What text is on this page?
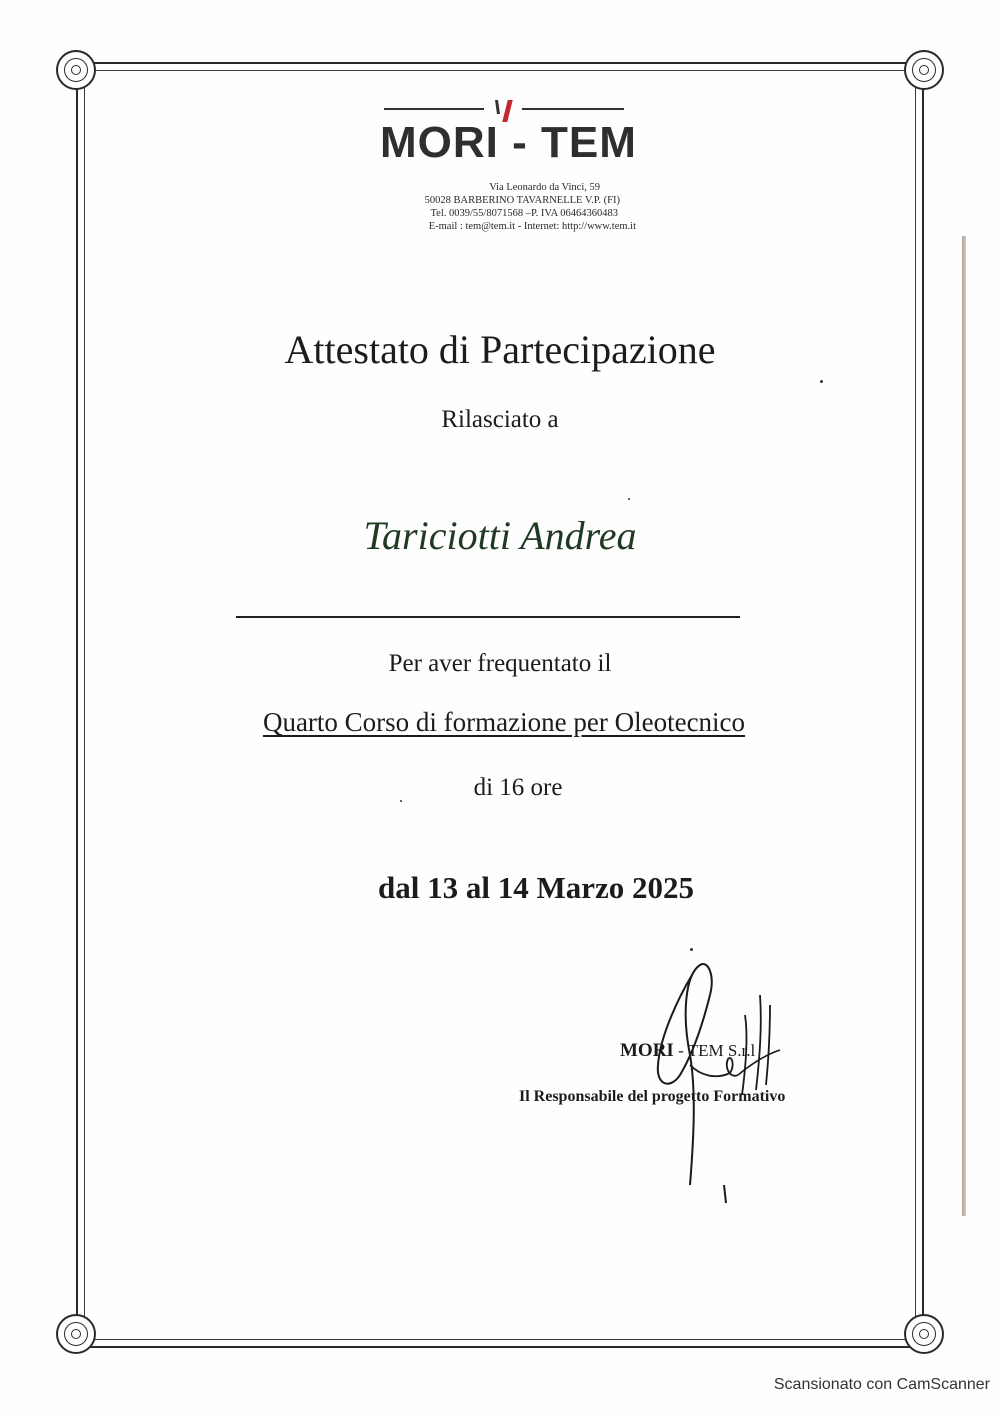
MORI - TEM
Via Leonardo da Vinci, 59
50028 BARBERINO TAVARNELLE V.P. (FI)
Tel. 0039/55/8071568 –P. IVA 06464360483
E-mail : tem@tem.it - Internet: http://www.tem.it
Attestato di Partecipazione
Rilasciato a
Tariciotti Andrea
Per aver frequentato il
Quarto Corso di formazione per Oleotecnico
di 16 ore
dal 13 al 14 Marzo 2025
MORI - TEM S.r.l
Il Responsabile del progetto Formativo
Scansionato con CamScanner
